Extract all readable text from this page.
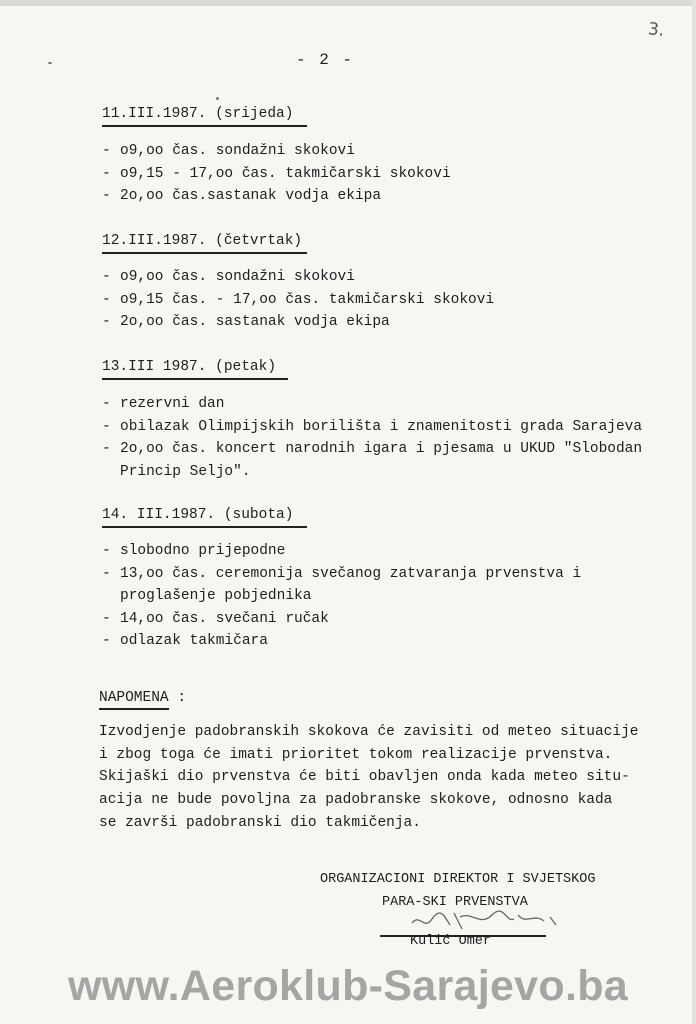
3.
- 2 -
11.III.1987. (srijeda)
- o9,oo čas. sondažni skokovi
- o9,15 - 17,oo čas. takmičarski skokovi
- 2o,oo čas.sastanak vodja ekipa
12.III.1987. (četvrtak)
- o9,oo čas. sondažni skokovi
- o9,15 čas. - 17,oo čas. takmičarski skokovi
- 2o,oo čas. sastanak vodja ekipa
13.III 1987. (petak)
- rezervni dan
- obilazak Olimpijskih borilišta i znamenitosti grada Sarajeva
- 2o,oo čas. koncert narodnih igara i pjesama u UKUD "Slobodan
Princip Seljo".
14. III.1987. (subota)
- slobodno prijepodne
- 13,oo čas. ceremonija svečanog zatvaranja prvenstva i
proglašenje pobjednika
- 14,oo čas. svečani ručak
- odlazak takmičara
NAPOMENA :
Izvodjenje padobranskih skokova će zavisiti od meteo situacije
i zbog toga će imati prioritet tokom realizacije prvenstva.
Skijaški dio prvenstva će biti obavljen onda kada meteo situ-
acija ne bude povoljna za padobranske skokove, odnosno kada
se završi padobranski dio takmičenja.
ORGANIZACIONI DIREKTOR I SVJETSKOG
PARA-SKI PRVENSTVA
Kulić Omer
www.Aeroklub-Sarajevo.ba
